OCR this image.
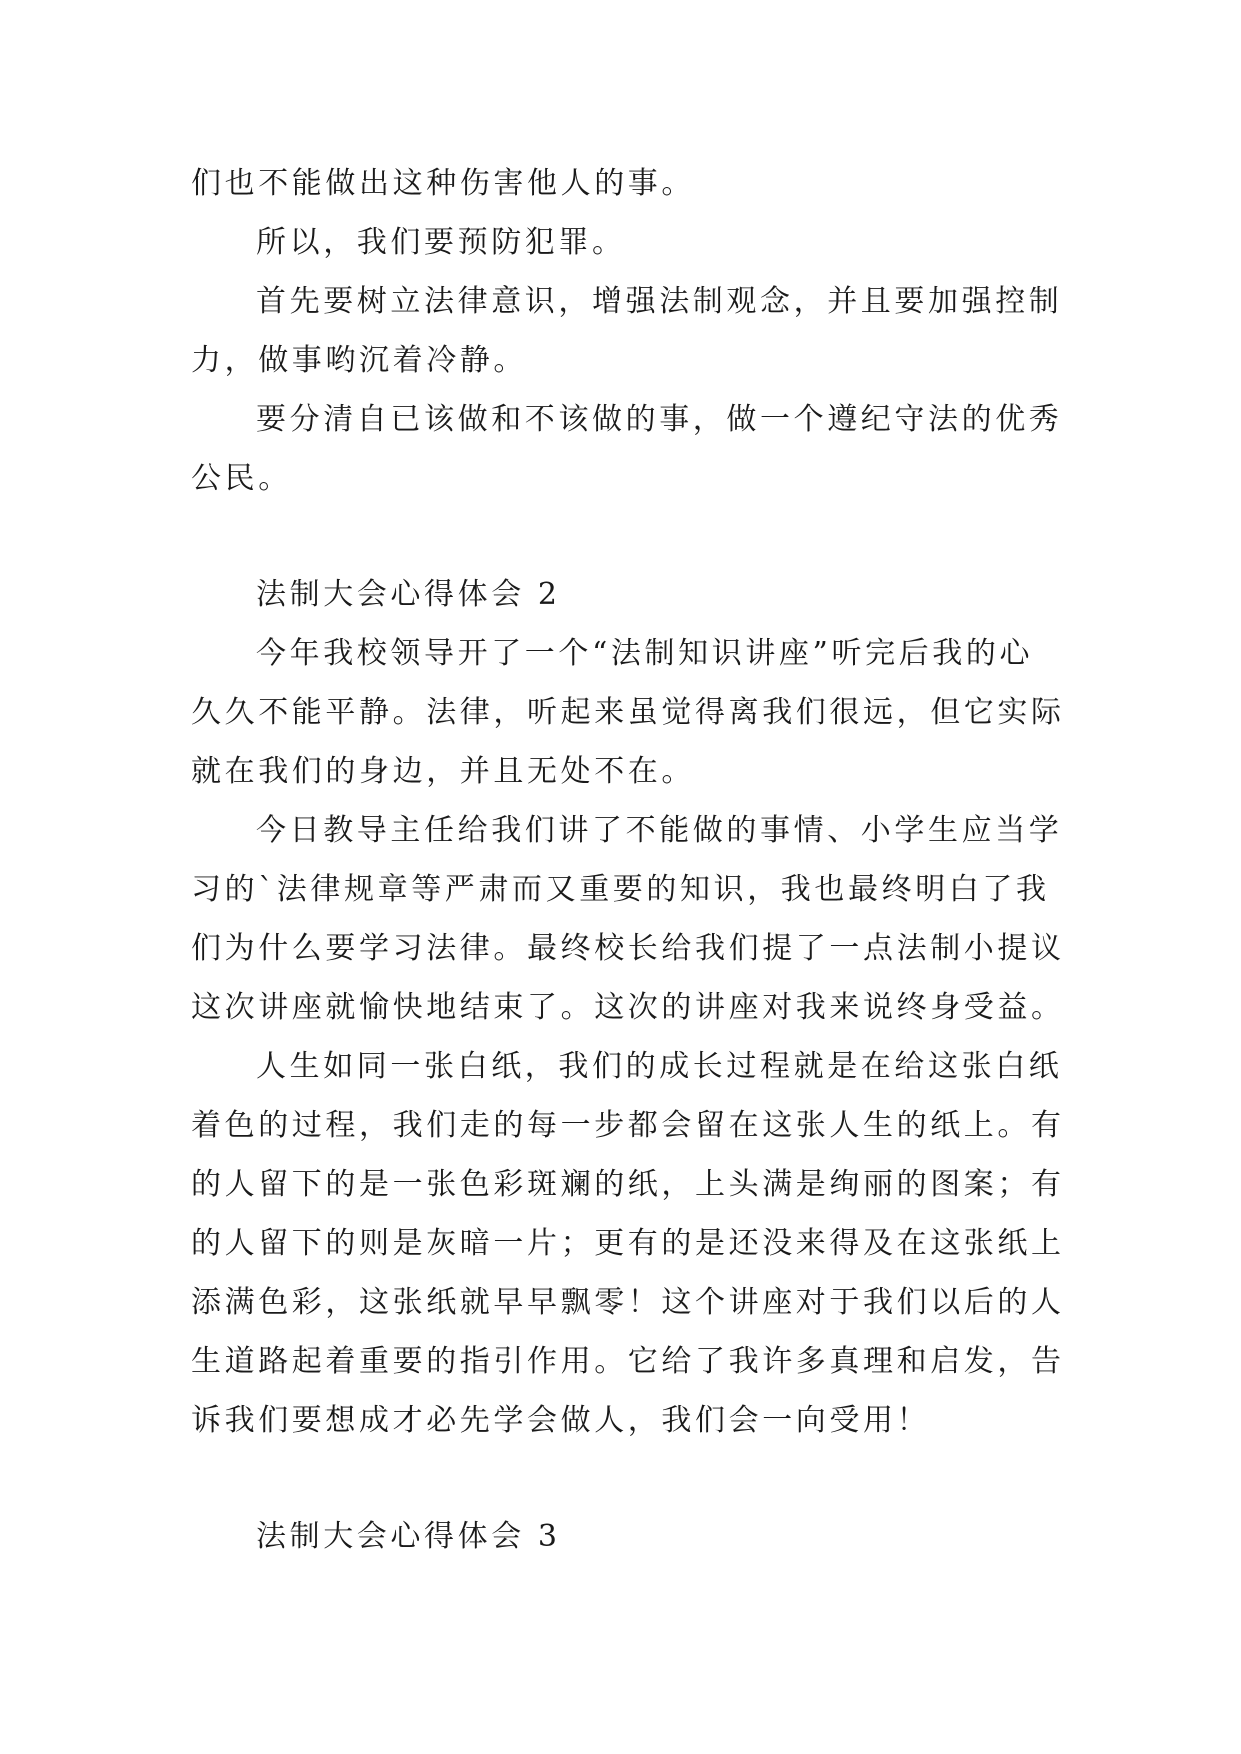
们也不能做出这种伤害他人的事。
所以，我们要预防犯罪。
首先要树立法律意识，增强法制观念，并且要加强控制
力，做事哟沉着冷静。
要分清自已该做和不该做的事，做一个遵纪守法的优秀
公民。
法制大会心得体会 2
今年我校领导开了一个“法制知识讲座”听完后我的心
久久不能平静。法律，听起来虽觉得离我们很远，但它实际
就在我们的身边，并且无处不在。
今日教导主任给我们讲了不能做的事情、小学生应当学
习的`法律规章等严肃而又重要的知识，我也最终明白了我
们为什么要学习法律。最终校长给我们提了一点法制小提议
这次讲座就愉快地结束了。这次的讲座对我来说终身受益。
人生如同一张白纸，我们的成长过程就是在给这张白纸
着色的过程，我们走的每一步都会留在这张人生的纸上。有
的人留下的是一张色彩斑斓的纸，上头满是绚丽的图案；有
的人留下的则是灰暗一片；更有的是还没来得及在这张纸上
添满色彩，这张纸就早早飘零！这个讲座对于我们以后的人
生道路起着重要的指引作用。它给了我许多真理和启发，告
诉我们要想成才必先学会做人，我们会一向受用！
法制大会心得体会 3
